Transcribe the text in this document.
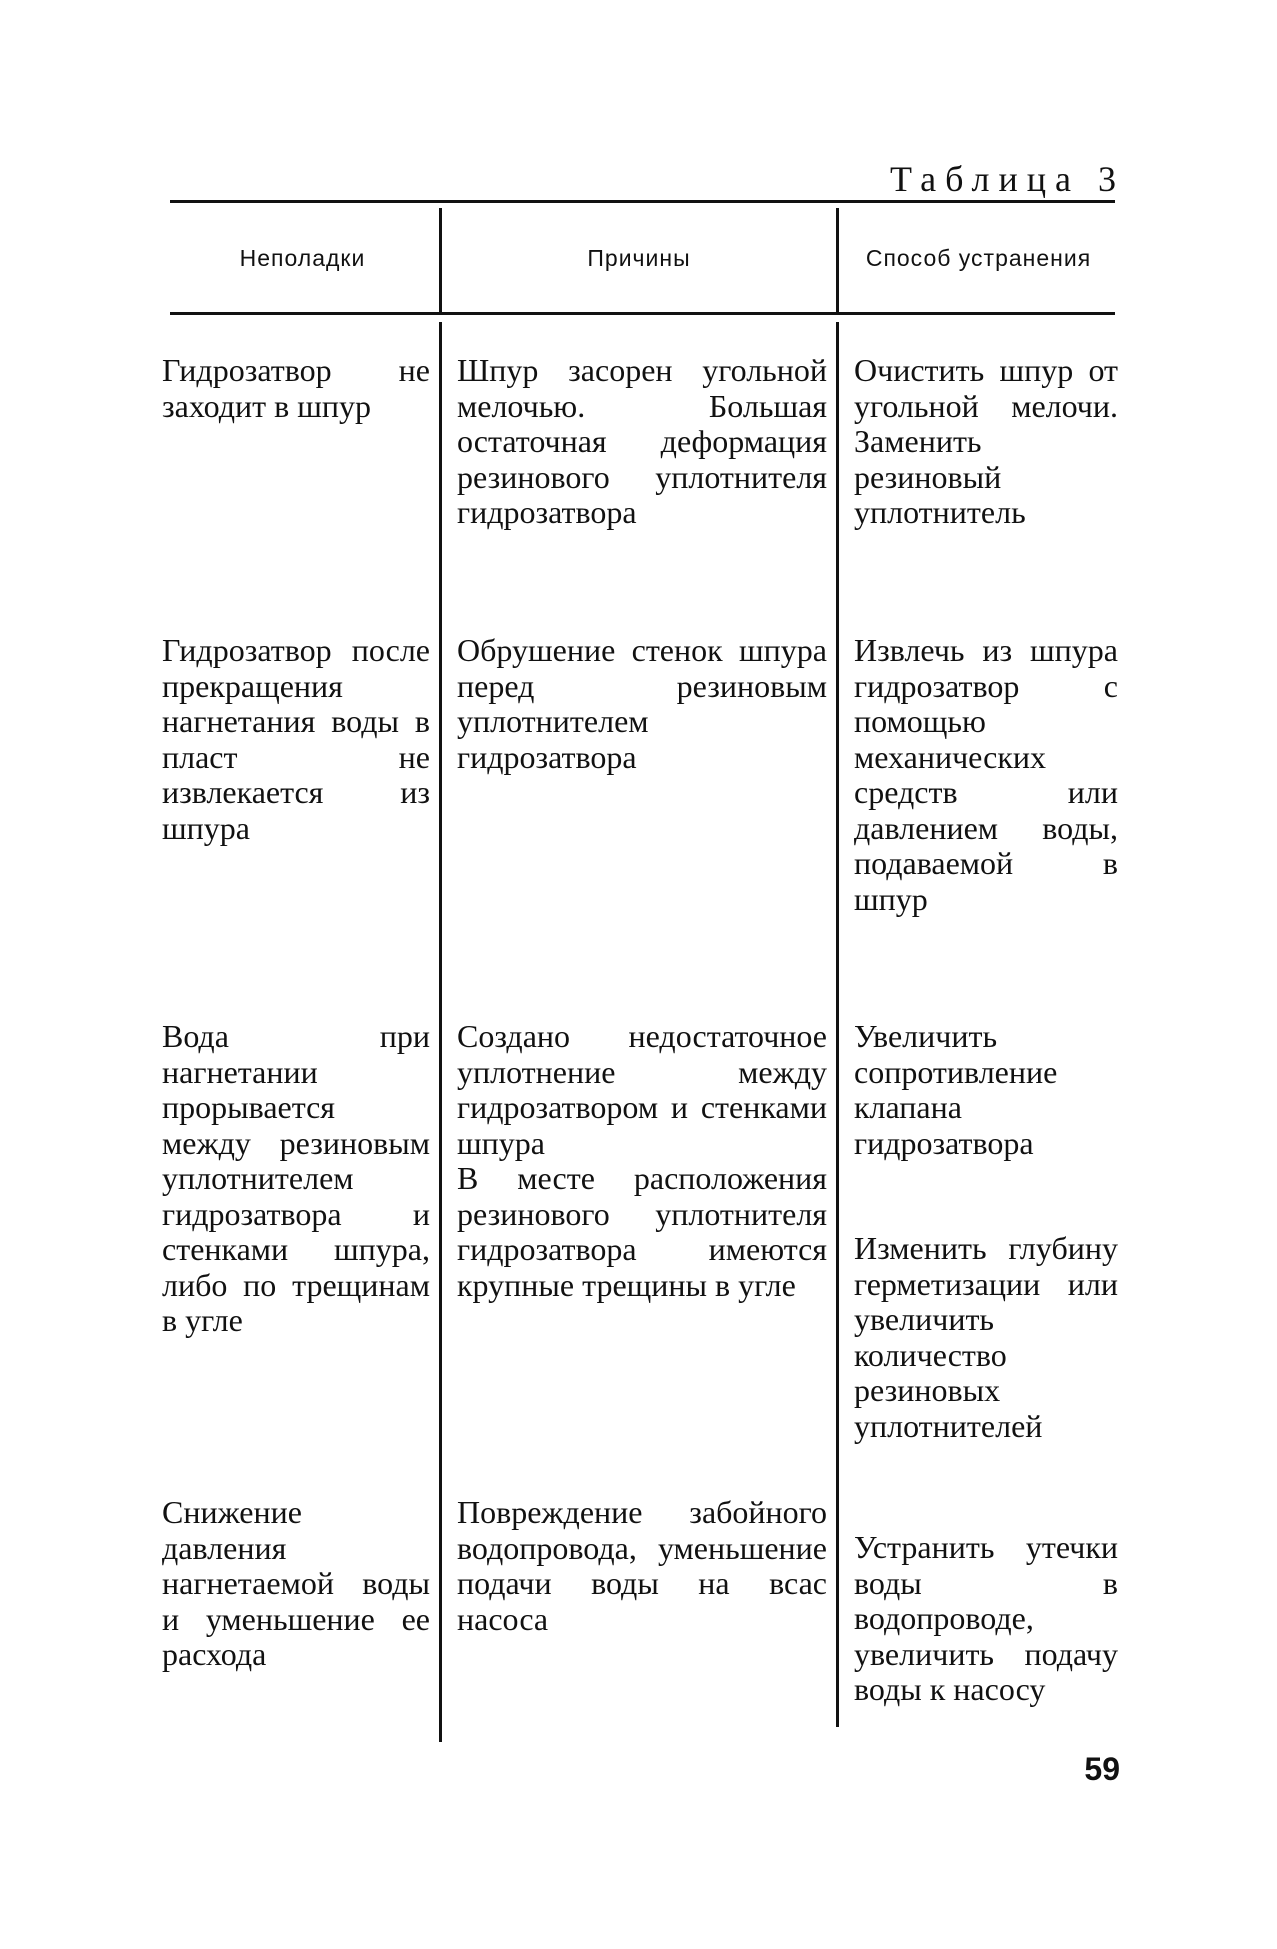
Таблица 3
Неполадки	Причины	Способ устранения
Гидрозатвор не заходит в шпур
Шпур засорен угольной мелочью. Большая остаточная деформация резинового уплотнителя гидрозатвора
Очистить шпур от угольной мелочи. Заменить резиновый уплотнитель
Гидрозатвор после прекращения нагнетания воды в пласт не извлекается из шпура
Обрушение стенок шпура перед резиновым уплотнителем гидрозатвора
Извлечь из шпура гидрозатвор с помощью механических средств или давлением воды, подаваемой в шпур
Вода при нагнетании прорывается между резиновым уплотнителем гидрозатвора и стенками шпура, либо по трещинам в угле

Создано недостаточное уплотнение между гидрозатвором и стенками шпура

В месте расположения резинового уплотнителя гидрозатвора имеются крупные трещины в угле

Увеличить сопротивление клапана гидрозатвора
Изменить глубину герметизации или увеличить количество резиновых уплотнителей
Снижение давления нагнетаемой воды и уменьшение ее расхода
Повреждение забойного водопровода, уменьшение подачи воды на всас насоса
Устранить утечки воды в водопроводе, увеличить подачу воды к насосу
59
